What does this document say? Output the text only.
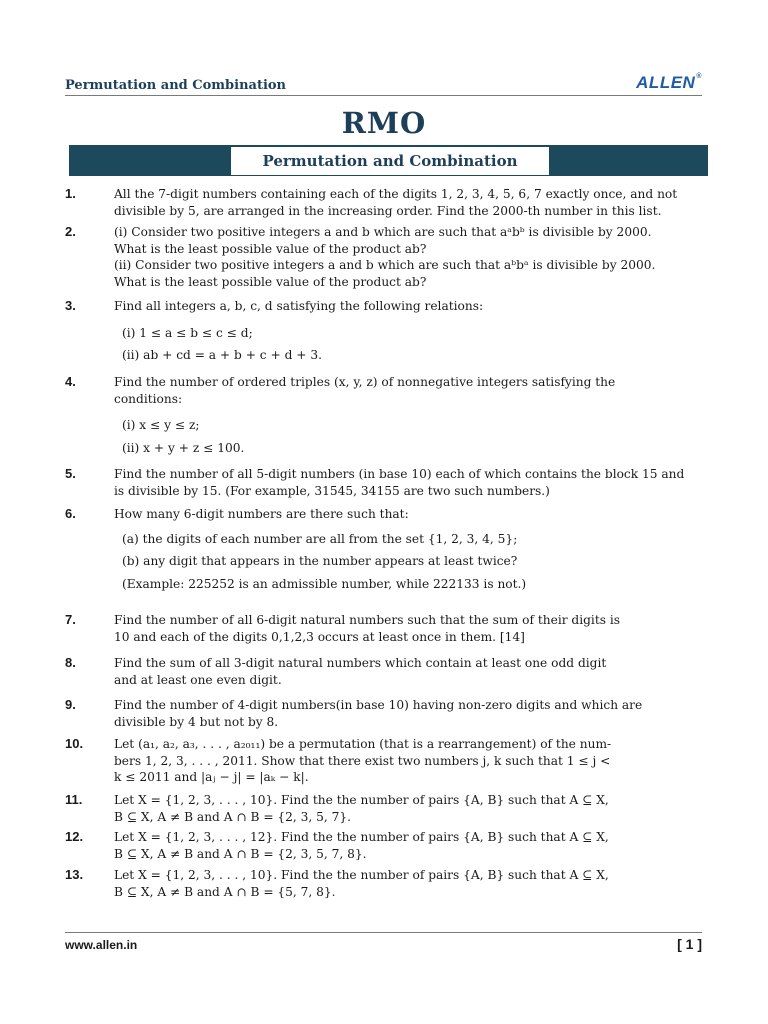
Permutation and Combination	ALLEN®
RMO
Permutation and Combination
1.	All the 7-digit numbers containing each of the digits 1, 2, 3, 4, 5, 6, 7 exactly once, and not
divisible by 5, are arranged in the increasing order. Find the 2000-th number in this list.
2.	(i) Consider two positive integers a and b which are such that aᵃbᵇ is divisible by 2000.
What is the least possible value of the product ab?
(ii) Consider two positive integers a and b which are such that aᵇbᵃ is divisible by 2000.
What is the least possible value of the product ab?
3.	Find all integers a, b, c, d satisfying the following relations:
(i) 1 ≤ a ≤ b ≤ c ≤ d;
(ii) ab + cd = a + b + c + d + 3.
4.	Find the number of ordered triples (x, y, z) of nonnegative integers satisfying the
conditions:
(i) x ≤ y ≤ z;
(ii) x + y + z ≤ 100.
5.	Find the number of all 5-digit numbers (in base 10) each of which contains the block 15 and
is divisible by 15. (For example, 31545, 34155 are two such numbers.)
6.	How many 6-digit numbers are there such that:
(a) the digits of each number are all from the set {1, 2, 3, 4, 5};
(b) any digit that appears in the number appears at least twice?
(Example: 225252 is an admissible number, while 222133 is not.)
7.	Find the number of all 6-digit natural numbers such that the sum of their digits is
10 and each of the digits 0,1,2,3 occurs at least once in them. [14]
8.	Find the sum of all 3-digit natural numbers which contain at least one odd digit
and at least one even digit.
9.	Find the number of 4-digit numbers(in base 10) having non-zero digits and which are
divisible by 4 but not by 8.
10.	Let (a₁, a₂, a₃, . . . , a₂₀₁₁) be a permutation (that is a rearrangement) of the num-
bers 1, 2, 3, . . . , 2011. Show that there exist two numbers j, k such that 1 ≤ j <
k ≤ 2011 and |aⱼ − j| = |aₖ − k|.
11.	Let X = {1, 2, 3, . . . , 10}. Find the the number of pairs {A, B} such that A ⊆ X,
B ⊆ X, A ≠ B and A ∩ B = {2, 3, 5, 7}.
12.	Let X = {1, 2, 3, . . . , 12}. Find the the number of pairs {A, B} such that A ⊆ X,
B ⊆ X, A ≠ B and A ∩ B = {2, 3, 5, 7, 8}.
13.	Let X = {1, 2, 3, . . . , 10}. Find the the number of pairs {A, B} such that A ⊆ X,
B ⊆ X, A ≠ B and A ∩ B = {5, 7, 8}.
www.allen.in	[ 1 ]
